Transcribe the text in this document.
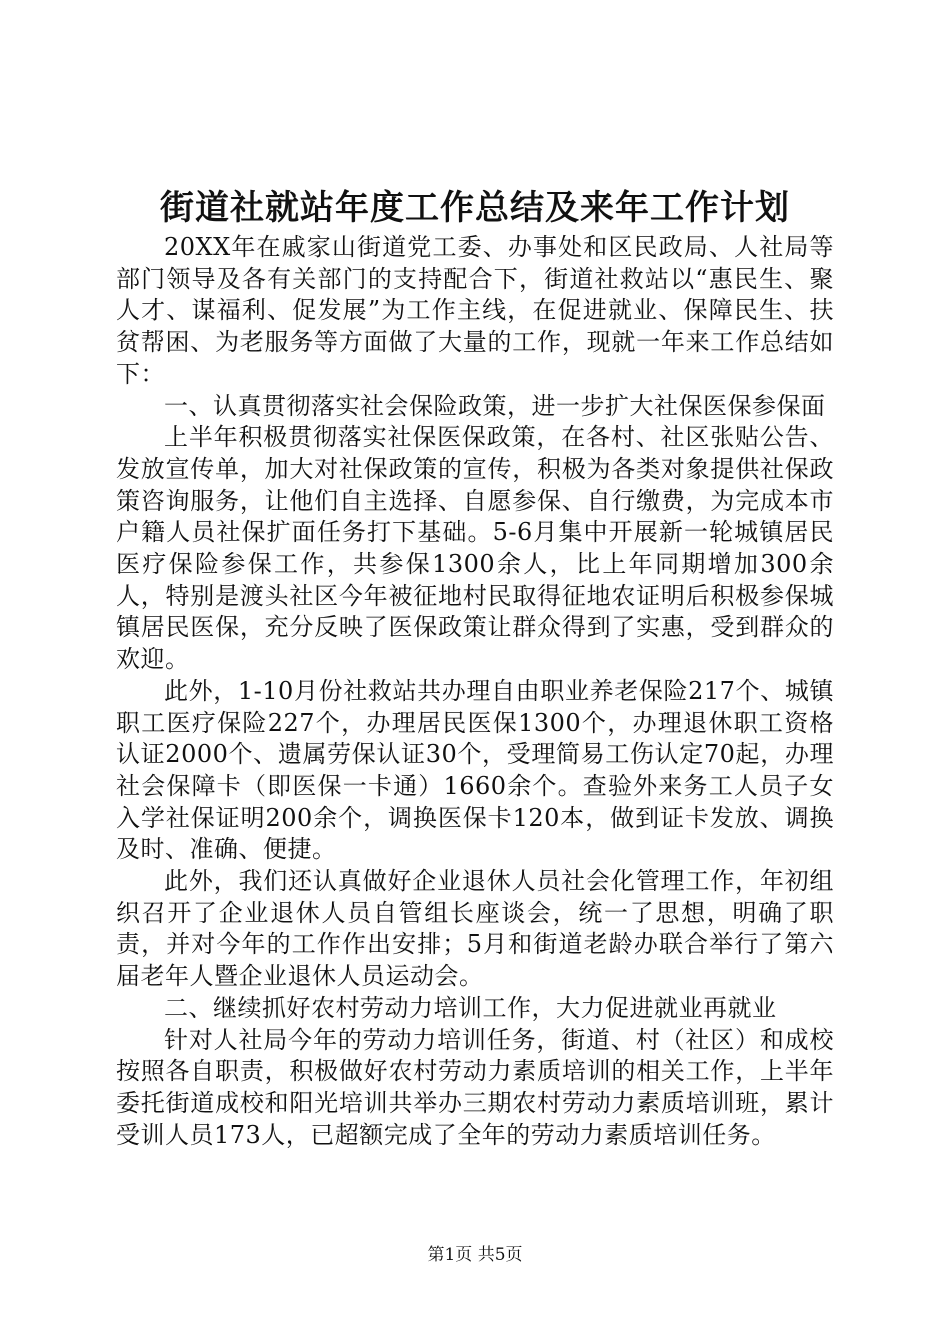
街道社就站年度工作总结及来年工作计划

20XX年在戚家山街道党工委、办事处和区民政局、人社局等部门领导及各有关部门的支持配合下，街道社救站以“惠民生、聚人才、谋福利、促发展”为工作主线，在促进就业、保障民生、扶贫帮困、为老服务等方面做了大量的工作，现就一年来工作总结如下：

一、认真贯彻落实社会保险政策，进一步扩大社保医保参保面

上半年积极贯彻落实社保医保政策，在各村、社区张贴公告、发放宣传单，加大对社保政策的宣传，积极为各类对象提供社保政策咨询服务，让他们自主选择、自愿参保、自行缴费，为完成本市户籍人员社保扩面任务打下基础。5-6月集中开展新一轮城镇居民医疗保险参保工作，共参保1300余人，比上年同期增加300余人，特别是渡头社区今年被征地村民取得征地农证明后积极参保城镇居民医保，充分反映了医保政策让群众得到了实惠，受到群众的欢迎。

此外，1-10月份社救站共办理自由职业养老保险217个、城镇职工医疗保险227个，办理居民医保1300个，办理退休职工资格认证2000个、遗属劳保认证30个，受理简易工伤认定70起，办理社会保障卡（即医保一卡通）1660余个。查验外来务工人员子女入学社保证明200余个，调换医保卡120本，做到证卡发放、调换及时、准确、便捷。

此外，我们还认真做好企业退休人员社会化管理工作，年初组织召开了企业退休人员自管组长座谈会，统一了思想，明确了职责，并对今年的工作作出安排；5月和街道老龄办联合举行了第六届老年人暨企业退休人员运动会。

二、继续抓好农村劳动力培训工作，大力促进就业再就业

针对人社局今年的劳动力培训任务，街道、村（社区）和成校按照各自职责，积极做好农村劳动力素质培训的相关工作，上半年委托街道成校和阳光培训共举办三期农村劳动力素质培训班，累计受训人员173人，已超额完成了全年的劳动力素质培训任务。

第1页 共5页
